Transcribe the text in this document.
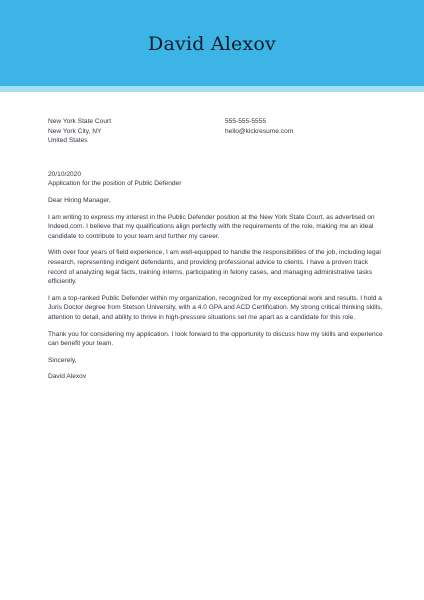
David Alexov
New York State Court
New York City, NY
United States
555-555-5555
hello@kickresume.com
20/10/2020
Application for the position of Public Defender
Dear Hiring Manager,
I am writing to express my interest in the Public Defender position at the New York State Court, as advertised on
Indeed.com. I believe that my qualifications align perfectly with the requirements of the role, making me an ideal
candidate to contribute to your team and further my career.
With over four years of field experience, I am well-equipped to handle the responsibilities of the job, including legal
research, representing indigent defendants, and providing professional advice to clients. I have a proven track
record of analyzing legal facts, training interns, participating in felony cases, and managing administrative tasks
efficiently.
I am a top-ranked Public Defender within my organization, recognized for my exceptional work and results. I hold a
Juris Doctor degree from Stetson University, with a 4.0 GPA and ACD Certification. My strong critical thinking skills,
attention to detail, and ability to thrive in high-pressure situations set me apart as a candidate for this role.
Thank you for considering my application. I look forward to the opportunity to discuss how my skills and experience
can benefit your team.
Sincerely,
David Alexov
